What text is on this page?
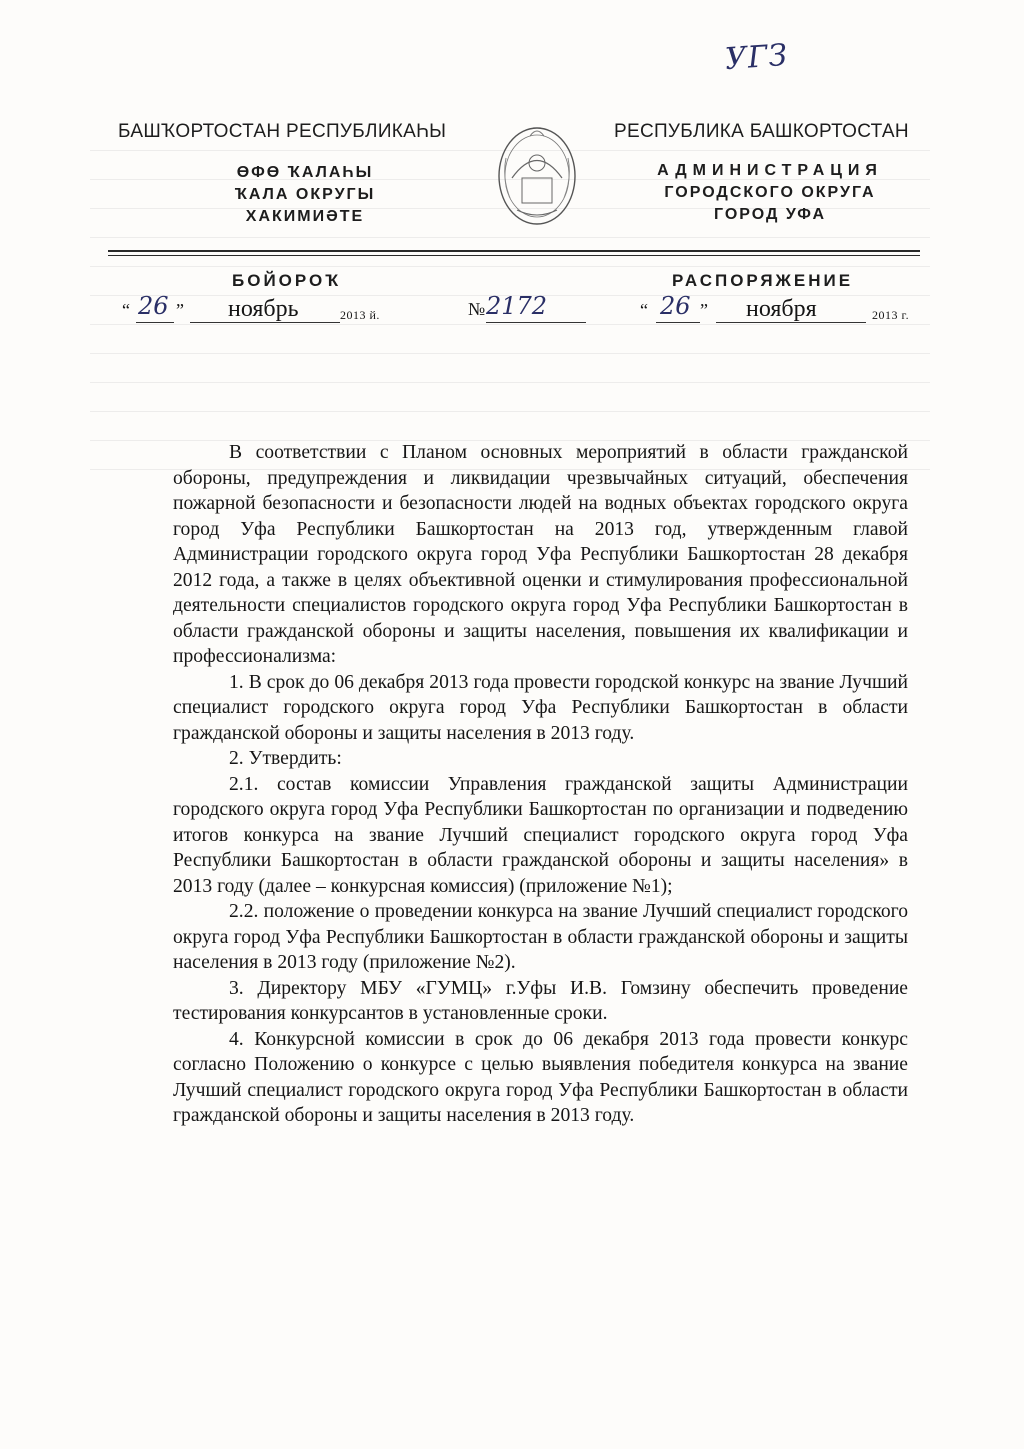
УГЗ
БАШҠОРТОСТАН РЕСПУБЛИКАҺЫ	РЕСПУБЛИКА БАШКОРТОСТАН
ӨФӨ ҠАЛАҺЫ
ҠАЛА ОКРУГЫ
ХАКИМИӘТЕ
АДМИНИСТРАЦИЯ
ГОРОДСКОГО ОКРУГА
ГОРОД УФА
БОЙОРОҠ	РАСПОРЯЖЕНИЕ
“ 26 ” ноябрь	2013 й.	№ 2172	“ 26 ” ноября	2013 г.

В соответствии с Планом основных мероприятий в области гражданской обороны, предупреждения и ликвидации чрезвычайных ситуаций, обеспечения пожарной безопасности и безопасности людей на водных объектах городского округа город Уфа Республики Башкортостан на 2013 год, утвержденным главой Администрации городского округа город Уфа Республики Башкортостан 28 декабря 2012 года, а также в целях объективной оценки и стимулирования профессиональной деятельности специалистов городского округа город Уфа Республики Башкортостан в области гражданской обороны и защиты населения, повышения их квалификации и профессионализма:

1. В срок до 06 декабря 2013 года провести городской конкурс на звание Лучший специалист городского округа город Уфа Республики Башкортостан в области гражданской обороны и защиты населения в 2013 году.

2. Утвердить:

2.1. состав комиссии Управления гражданской защиты Администрации городского округа город Уфа Республики Башкортостан по организации и подведению итогов конкурса на звание Лучший специалист городского округа город Уфа Республики Башкортостан в области гражданской обороны и защиты населения» в 2013 году (далее – конкурсная комиссия) (приложение №1);

2.2. положение о проведении конкурса на звание Лучший специалист городского округа город Уфа Республики Башкортостан в области гражданской обороны и защиты населения в 2013 году (приложение №2).

3. Директору МБУ «ГУМЦ» г.Уфы И.В. Гомзину обеспечить проведение тестирования конкурсантов в установленные сроки.

4. Конкурсной комиссии в срок до 06 декабря 2013 года провести конкурс согласно Положению о конкурсе с целью выявления победителя конкурса на звание Лучший специалист городского округа город Уфа Республики Башкортостан в области гражданской обороны и защиты населения в 2013 году.
